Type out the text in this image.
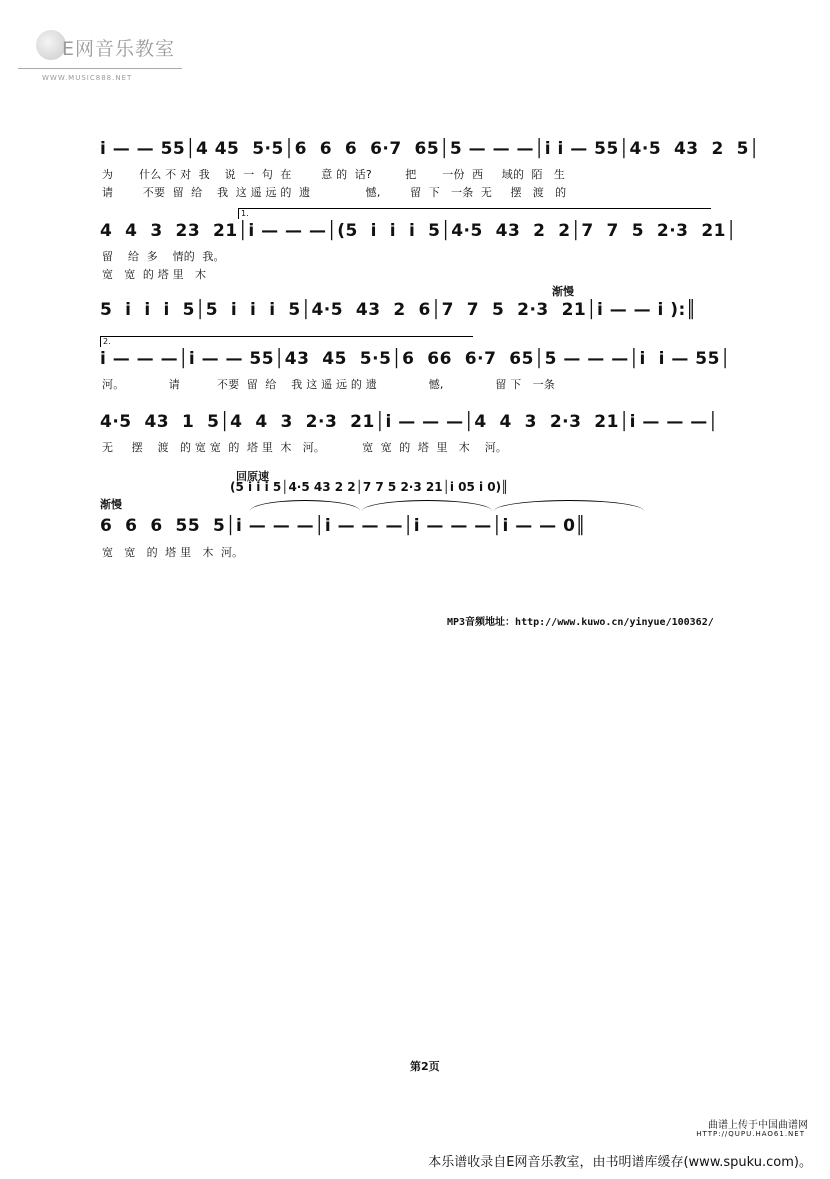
E网音乐教室
WWW.MUSIC888.NET
i — — 55│4 45  5·5│6  6  6  6·7  65│5 — — —│i i — 55│4·5  43  2  5│
为       什么 不 对  我    说  一  句  在        意 的  话?         把       一份  西     域的  陌   生
请        不要  留  给    我  这 遥 远 的  遗               憾,        留  下   一条  无     摆   渡   的
1.
4  4  3  23  21│i — — —│(5  i  i  i  5│4·5  43  2  2│7  7  5  2·3  21│
留    给  多    情的  我。
宽   宽  的 塔 里   木
渐慢
5  i  i  i  5│5  i  i  i  5│4·5  43  2  6│7  7  5  2·3  21│i — — i ):║
2.
i — — —│i — — 55│43  45  5·5│6  66  6·7  65│5 — — —│i  i — 55│
河。            请          不要  留  给    我 这 遥 远 的 遗              憾,              留 下   一条
4·5  43  1  5│4  4  3  2·3  21│i — — —│4  4  3  2·3  21│i — — —│
无     摆    渡   的 宽 宽  的  塔 里  木   河。          宽  宽  的  塔  里   木    河。
回原速
(5 i i i 5│4·5 43 2 2│7 7 5 2·3 21│i 05 i 0)║
渐慢
6  6  6  55  5│i — — —│i — — —│i — — —│i — — 0║
宽   宽   的  塔 里   木  河。
MP3音频地址：http://www.kuwo.cn/yinyue/100362/
第2页
曲谱上传于中国曲谱网
HTTP://QUPU.HAO61.NET
本乐谱收录自E网音乐教室，由书明谱库缓存(www.spuku.com)。
